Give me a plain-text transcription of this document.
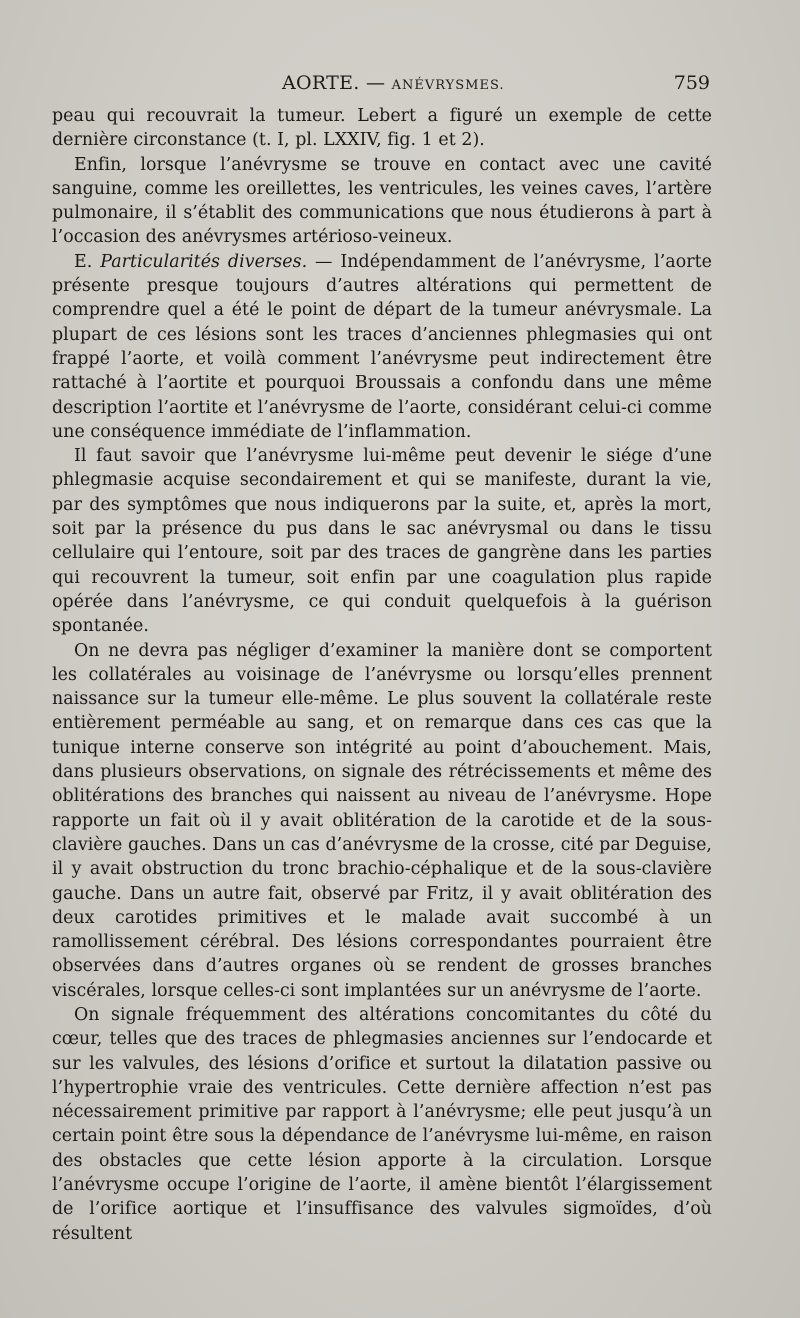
AORTE. — ANÉVRYSMES.	759

peau qui recouvrait la tumeur. Lebert a figuré un exemple de cette dernière circonstance (t. I, pl. LXXIV, fig. 1 et 2).

Enfin, lorsque l’anévrysme se trouve en contact avec une cavité sanguine, comme les oreillettes, les ventricules, les veines caves, l’artère pulmonaire, il s’établit des communications que nous étudierons à part à l’occasion des anévrysmes artérioso-veineux.

E. Particularités diverses. — Indépendamment de l’anévrysme, l’aorte présente presque toujours d’autres altérations qui permettent de comprendre quel a été le point de départ de la tumeur anévrysmale. La plupart de ces lésions sont les traces d’anciennes phlegmasies qui ont frappé l’aorte, et voilà comment l’anévrysme peut indirectement être rattaché à l’aortite et pourquoi Broussais a confondu dans une même description l’aortite et l’anévrysme de l’aorte, considérant celui-ci comme une conséquence immédiate de l’inflammation.

Il faut savoir que l’anévrysme lui-même peut devenir le siége d’une phlegmasie acquise secondairement et qui se manifeste, durant la vie, par des symptômes que nous indiquerons par la suite, et, après la mort, soit par la présence du pus dans le sac anévrysmal ou dans le tissu cellulaire qui l’entoure, soit par des traces de gangrène dans les parties qui recouvrent la tumeur, soit enfin par une coagulation plus rapide opérée dans l’anévrysme, ce qui conduit quelquefois à la guérison spontanée.

On ne devra pas négliger d’examiner la manière dont se comportent les collatérales au voisinage de l’anévrysme ou lorsqu’elles prennent naissance sur la tumeur elle-même. Le plus souvent la collatérale reste entièrement perméable au sang, et on remarque dans ces cas que la tunique interne conserve son intégrité au point d’abouchement. Mais, dans plusieurs observations, on signale des rétrécissements et même des oblitérations des branches qui naissent au niveau de l’anévrysme. Hope rapporte un fait où il y avait oblitération de la carotide et de la sous-clavière gauches. Dans un cas d’anévrysme de la crosse, cité par Deguise, il y avait obstruction du tronc brachio-céphalique et de la sous-clavière gauche. Dans un autre fait, observé par Fritz, il y avait oblitération des deux carotides primitives et le malade avait succombé à un ramollissement cérébral. Des lésions correspondantes pourraient être observées dans d’autres organes où se rendent de grosses branches viscérales, lorsque celles-ci sont implantées sur un anévrysme de l’aorte.

On signale fréquemment des altérations concomitantes du côté du cœur, telles que des traces de phlegmasies anciennes sur l’endocarde et sur les valvules, des lésions d’orifice et surtout la dilatation passive ou l’hypertrophie vraie des ventricules. Cette dernière affection n’est pas nécessairement primitive par rapport à l’anévrysme; elle peut jusqu’à un certain point être sous la dépendance de l’anévrysme lui-même, en raison des obstacles que cette lésion apporte à la circulation. Lorsque l’anévrysme occupe l’origine de l’aorte, il amène bientôt l’élargissement de l’orifice aortique et l’insuffisance des valvules sigmoïdes, d’où résultent
